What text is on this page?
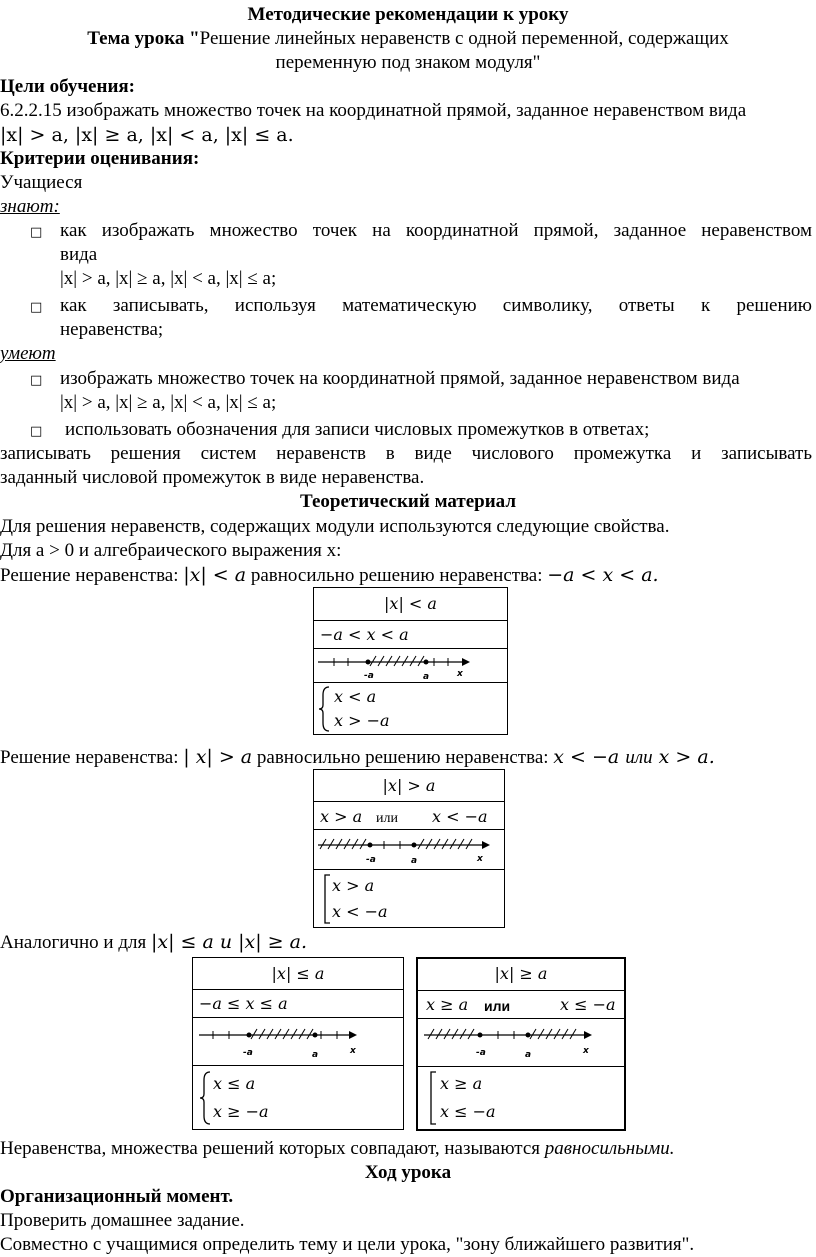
Методические рекомендации к уроку
Тема урока "Решение линейных неравенств с одной переменной, содержащих
переменную под знаком модуля"
Цели обучения:
6.2.2.15 изображать множество точек на координатной прямой, заданное неравенством вида
|x| > a, |x| ≥ a, |x| < a, |x| ≤ a.
Критерии оценивания:
Учащиеся
знают:
□ как изображать множество точек на координатной прямой, заданное неравенством
вида
|x| > a, |x| ≥ a, |x| < a, |x| ≤ a;
□ как записывать, используя математическую символику, ответы к решению
неравенства;
умеют
□ изображать множество точек на координатной прямой, заданное неравенством вида
|x| > a, |x| ≥ a, |x| < a, |x| ≤ a;
□ использовать обозначения для записи числовых промежутков в ответах;
записывать решения систем неравенств в виде числового промежутка и записывать
заданный числовой промежуток в виде неравенства.
Теоретический материал
Для решения неравенств, содержащих модули используются следующие свойства.
Для a > 0 и алгебраического выражения x:
Решение неравенства: |x| < a равносильно решению неравенства: −a < x < a.
|x| < a
−a < x < a

-a	a	x

x < a
x > −a
Решение неравенства: | x| > a равносильно решению неравенства: x < −a или x > a.
|x| > a

x > a или x < −a

-a	a	x

x > a
x < −a
Аналогично и для |x| ≤ a и |x| ≥ a.
|x| ≤ a
−a ≤ x ≤ a

-a	a	x

x ≤ a
x ≥ −a
|x| ≥ a

x ≥ a или	x ≤ −a

-a	a	x

x ≥ a
x ≤ −a
Неравенства, множества решений которых совпадают, называются равносильными.
Ход урока
Организационный момент.
Проверить домашнее задание.
Совместно с учащимися определить тему и цели урока, "зону ближайшего развития".
